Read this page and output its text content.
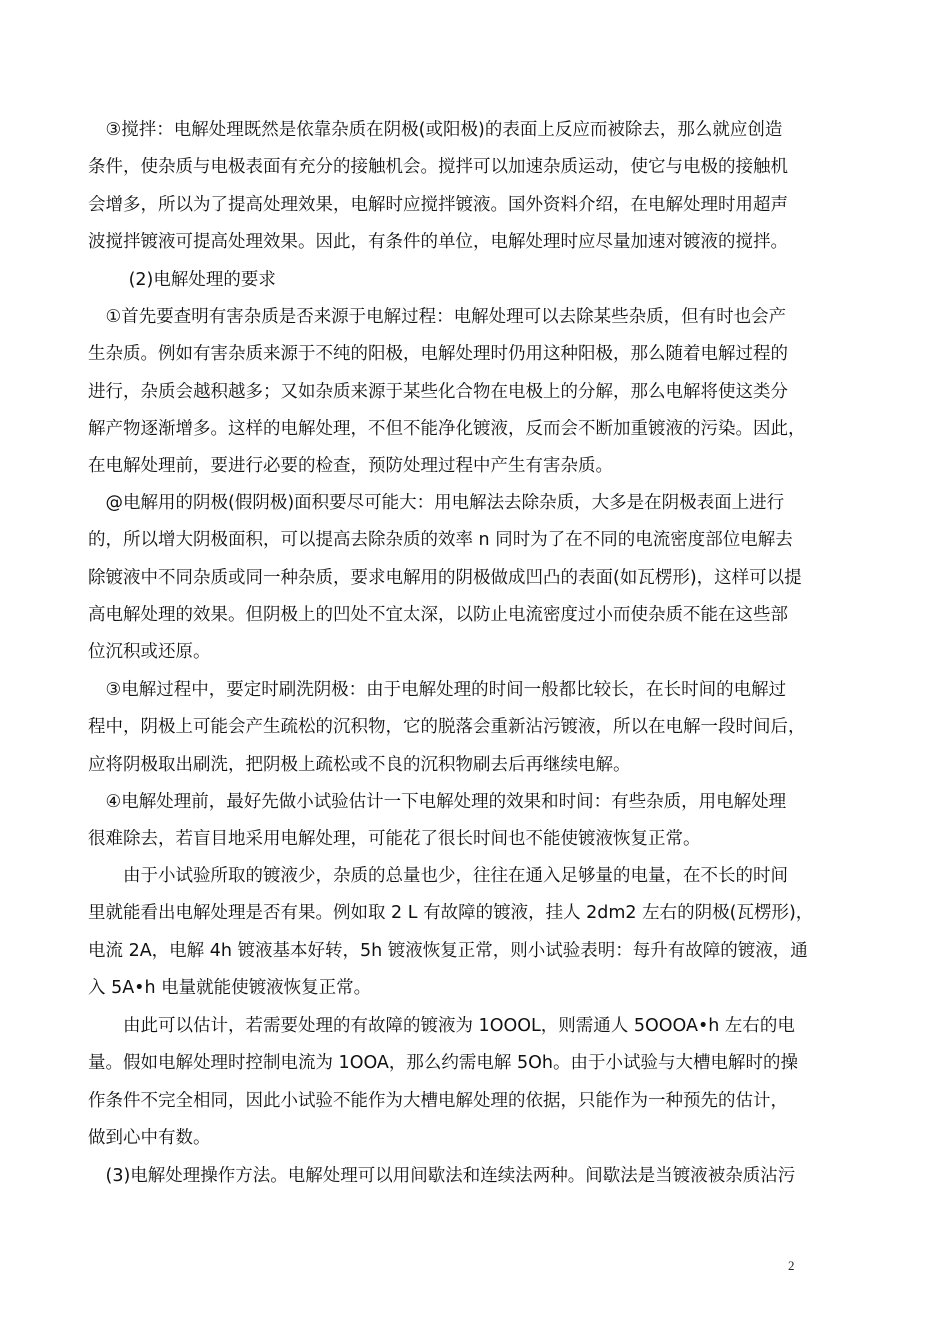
　③搅拌：电解处理既然是依靠杂质在阴极(或阳极)的表面上反应而被除去，那么就应创造
条件，使杂质与电极表面有充分的接触机会。搅拌可以加速杂质运动，使它与电极的接触机
会增多，所以为了提高处理效果，电解时应搅拌镀液。国外资料介绍，在电解处理时用超声
波搅拌镀液可提高处理效果。因此，有条件的单位，电解处理时应尽量加速对镀液的搅拌。

　　 (2)电解处理的要求

　①首先要查明有害杂质是否来源于电解过程：电解处理可以去除某些杂质，但有时也会产
生杂质。例如有害杂质来源于不纯的阳极，电解处理时仍用这种阳极，那么随着电解过程的
进行，杂质会越积越多；又如杂质来源于某些化合物在电极上的分解，那么电解将使这类分
解产物逐渐增多。这样的电解处理，不但不能净化镀液，反而会不断加重镀液的污染。因此，
在电解处理前，要进行必要的检查，预防处理过程中产生有害杂质。

　@电解用的阴极(假阴极)面积要尽可能大：用电解法去除杂质，大多是在阴极表面上进行
的，所以增大阴极面积，可以提高去除杂质的效率 n 同时为了在不同的电流密度部位电解去
除镀液中不同杂质或同一种杂质，要求电解用的阴极做成凹凸的表面(如瓦楞形)，这样可以提
高电解处理的效果。但阴极上的凹处不宜太深，以防止电流密度过小而使杂质不能在这些部
位沉积或还原。

　③电解过程中，要定时刷洗阴极：由于电解处理的时间一般都比较长，在长时间的电解过
程中，阴极上可能会产生疏松的沉积物，它的脱落会重新沾污镀液，所以在电解一段时间后，
应将阴极取出刷洗，把阴极上疏松或不良的沉积物刷去后再继续电解。

　④电解处理前，最好先做小试验估计一下电解处理的效果和时间：有些杂质，用电解处理
很难除去，若盲目地采用电解处理，可能花了很长时间也不能使镀液恢复正常。

　　由于小试验所取的镀液少，杂质的总量也少，往往在通入足够量的电量，在不长的时间
里就能看出电解处理是否有果。例如取 2 L 有故障的镀液，挂人 2dm2 左右的阴极(瓦楞形)，
电流 2A，电解 4h 镀液基本好转，5h 镀液恢复正常，则小试验表明：每升有故障的镀液，通
入 5A•h 电量就能使镀液恢复正常。

　　由此可以估计，若需要处理的有故障的镀液为 1OOOL，则需通人 5OOOA•h 左右的电
量。假如电解处理时控制电流为 1OOA，那么约需电解 5Oh。由于小试验与大槽电解时的操
作条件不完全相同，因此小试验不能作为大槽电解处理的依据，只能作为一种预先的估计，
做到心中有数。

　(3)电解处理操作方法。电解处理可以用间歇法和连续法两种。间歇法是当镀液被杂质沾污

2
